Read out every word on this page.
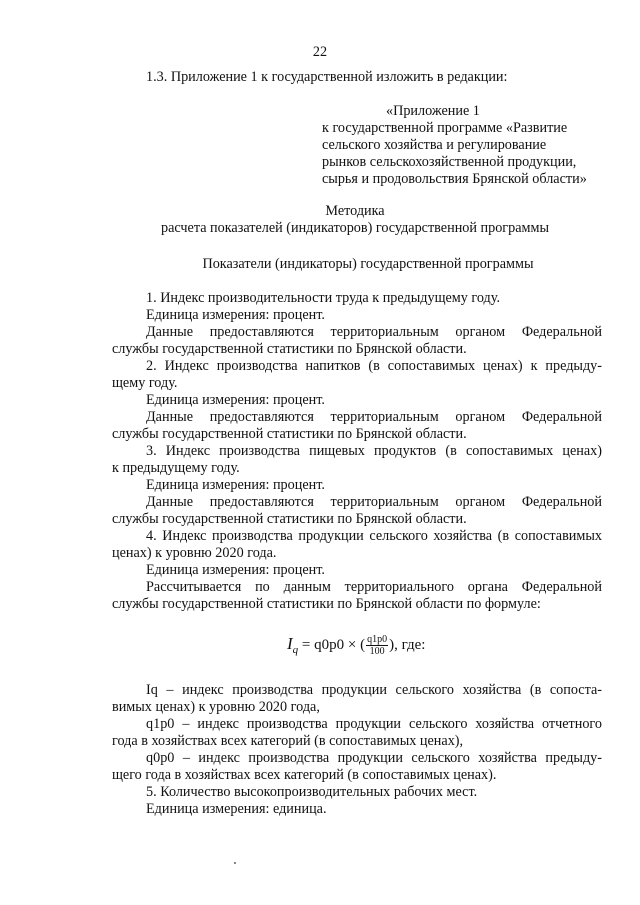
22
1.3. Приложение 1 к государственной изложить в редакции:
«Приложение 1
к государственной программе «Развитие
сельского хозяйства и регулирование
рынков сельскохозяйственной продукции,
сырья и продовольствия Брянской области»
Методика
расчета показателей (индикаторов) государственной программы
Показатели (индикаторы) государственной программы
1. Индекс производительности труда к предыдущему году.
Единица измерения: процент.
Данные предоставляются территориальным органом Федеральной
службы государственной статистики по Брянской области.
2. Индекс производства напитков (в сопоставимых ценах) к предыду-
щему году.
Единица измерения: процент.
Данные предоставляются территориальным органом Федеральной
службы государственной статистики по Брянской области.
3. Индекс производства пищевых продуктов (в сопоставимых ценах)
к предыдущему году.
Единица измерения: процент.
Данные предоставляются территориальным органом Федеральной
службы государственной статистики по Брянской области.
4. Индекс производства продукции сельского хозяйства (в сопоставимых
ценах) к уровню 2020 года.
Единица измерения: процент.
Рассчитывается по данным территориального органа Федеральной
службы государственной статистики по Брянской области по формуле:
$I_q = q0p0$ × ( $\frac{q1p0}{100}$ ), где:
Iq – индекс производства продукции сельского хозяйства (в сопоста-
вимых ценах) к уровню 2020 года,
q1p0 – индекс производства продукции сельского хозяйства отчетного
года в хозяйствах всех категорий (в сопоставимых ценах),
q0p0 – индекс производства продукции сельского хозяйства предыду-
щего года в хозяйствах всех категорий (в сопоставимых ценах).
5. Количество высокопроизводительных рабочих мест.
Единица измерения: единица.
